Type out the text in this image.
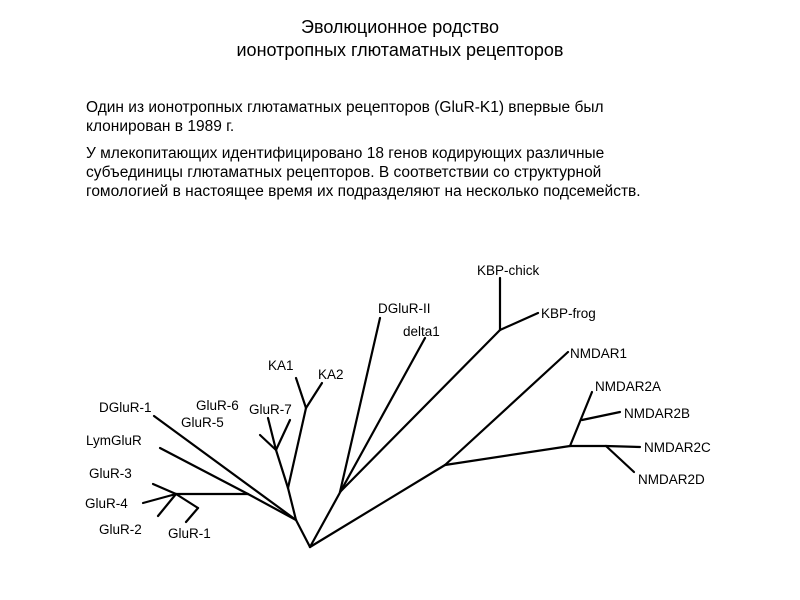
Эволюционное родство
ионотропных глютаматных рецепторов
Один из ионотропных глютаматных рецепторов (GluR-K1) впервые был
клонирован в 1989 г.
У млекопитающих идентифицировано 18 генов кодирующих различные
субъединицы глютаматных рецепторов. В соответствии со структурной
гомологией в настоящее время их подразделяют на несколько подсемейств.
KBP-chick
KBP-frog
DGluR-II
delta1
NMDAR1
NMDAR2A
NMDAR2B
NMDAR2C
NMDAR2D
KA1
KA2
GluR-6 GluR-7
GluR-5
DGluR-1
LymGluR
GluR-3
GluR-4
GluR-2 GluR-1
